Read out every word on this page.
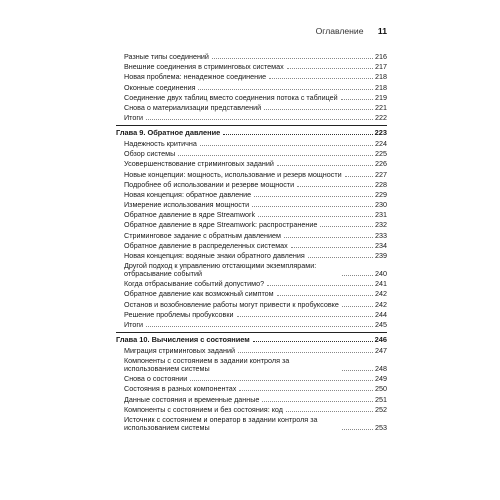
Оглавление 11
Разные типы соединений	216
Внешние соединения в стриминговых системах	217
Новая проблема: ненадежное соединение	218
Оконные соединения	218
Соединение двух таблиц вместо соединения потока с таблицей	219
Снова о материализации представлений	221
Итоги	222
Глава 9. Обратное давление	223
Надежность критична	224
Обзор системы	225
Усовершенствование стриминговых заданий	226
Новые концепции: мощность, использование и резерв мощности	227
Подробнее об использовании и резерве мощности	228
Новая концепция: обратное давление	229
Измерение использования мощности	230
Обратное давление в ядре Streamwork	231
Обратное давление в ядре Streamwork: распространение	232
Стриминговое задание с обратным давлением	233
Обратное давление в распределенных системах	234
Новая концепция: водяные знаки обратного давления	239
Другой подход к управлению отстающими экземплярами: отбрасывание событий	240
Когда отбрасывание событий допустимо?	241
Обратное давление как возможный симптом	242
Останов и возобновление работы могут привести к пробуксовке	242
Решение проблемы пробуксовки	244
Итоги	245
Глава 10. Вычисления с состоянием	246
Миграция стриминговых заданий	247
Компоненты с состоянием в задании контроля за использованием системы	248
Снова о состоянии	249
Состояния в разных компонентах	250
Данные состояния и временные данные	251
Компоненты с состоянием и без состояния: код	252
Источник с состоянием и оператор в задании контроля за использованием системы	253
